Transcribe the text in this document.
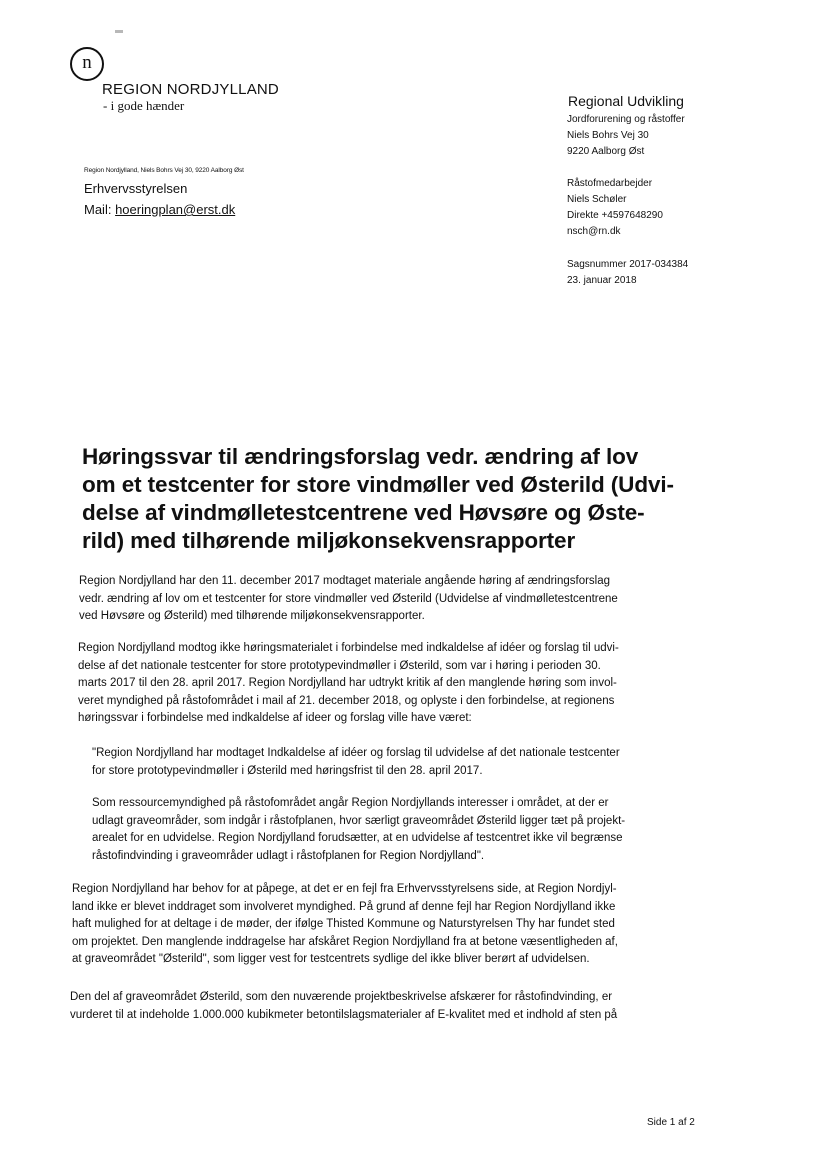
n
REGION NORDJYLLAND
- i gode hænder
Region Nordjylland, Niels Bohrs Vej 30, 9220 Aalborg Øst
Erhvervsstyrelsen
Mail: hoeringplan@erst.dk
Regional Udvikling
Jordforurening og råstoffer
Niels Bohrs Vej 30
9220 Aalborg Øst
Råstofmedarbejder
Niels Schøler
Direkte +4597648290
nsch@rn.dk
Sagsnummer 2017-034384
23. januar 2018
Høringssvar til ændringsforslag vedr. ændring af lov
om et testcenter for store vindmøller ved Østerild (Udvi-
delse af vindmølletestcentrene ved Høvsøre og Øste-
rild) med tilhørende miljøkonsekvensrapporter
Region Nordjylland har den 11. december 2017 modtaget materiale angående høring af ændringsforslag
vedr. ændring af lov om et testcenter for store vindmøller ved Østerild (Udvidelse af vindmølletestcentrene
ved Høvsøre og Østerild) med tilhørende miljøkonsekvensrapporter.
Region Nordjylland modtog ikke høringsmaterialet i forbindelse med indkaldelse af idéer og forslag til udvi-
delse af det nationale testcenter for store prototypevindmøller i Østerild, som var i høring i perioden 30.
marts 2017 til den 28. april 2017. Region Nordjylland har udtrykt kritik af den manglende høring som invol-
veret myndighed på råstofområdet i mail af 21. december 2018, og oplyste i den forbindelse, at regionens
høringssvar i forbindelse med indkaldelse af ideer og forslag ville have været:
"Region Nordjylland har modtaget Indkaldelse af idéer og forslag til udvidelse af det nationale testcenter
for store prototypevindmøller i Østerild med høringsfrist til den 28. april 2017.
Som ressourcemyndighed på råstofområdet angår Region Nordjyllands interesser i området, at der er
udlagt graveområder, som indgår i råstofplanen, hvor særligt graveområdet Østerild ligger tæt på projekt-
arealet for en udvidelse. Region Nordjylland forudsætter, at en udvidelse af testcentret ikke vil begrænse
råstofindvinding i graveområder udlagt i råstofplanen for Region Nordjylland".
Region Nordjylland har behov for at påpege, at det er en fejl fra Erhvervsstyrelsens side, at Region Nordjyl-
land ikke er blevet inddraget som involveret myndighed. På grund af denne fejl har Region Nordjylland ikke
haft mulighed for at deltage i de møder, der ifølge Thisted Kommune og Naturstyrelsen Thy har fundet sted
om projektet. Den manglende inddragelse har afskåret Region Nordjylland fra at betone væsentligheden af,
at graveområdet "Østerild", som ligger vest for testcentrets sydlige del ikke bliver berørt af udvidelsen.
Den del af graveområdet Østerild, som den nuværende projektbeskrivelse afskærer for råstofindvinding, er
vurderet til at indeholde 1.000.000 kubikmeter betontilslagsmaterialer af E-kvalitet med et indhold af sten på
Side 1 af 2
